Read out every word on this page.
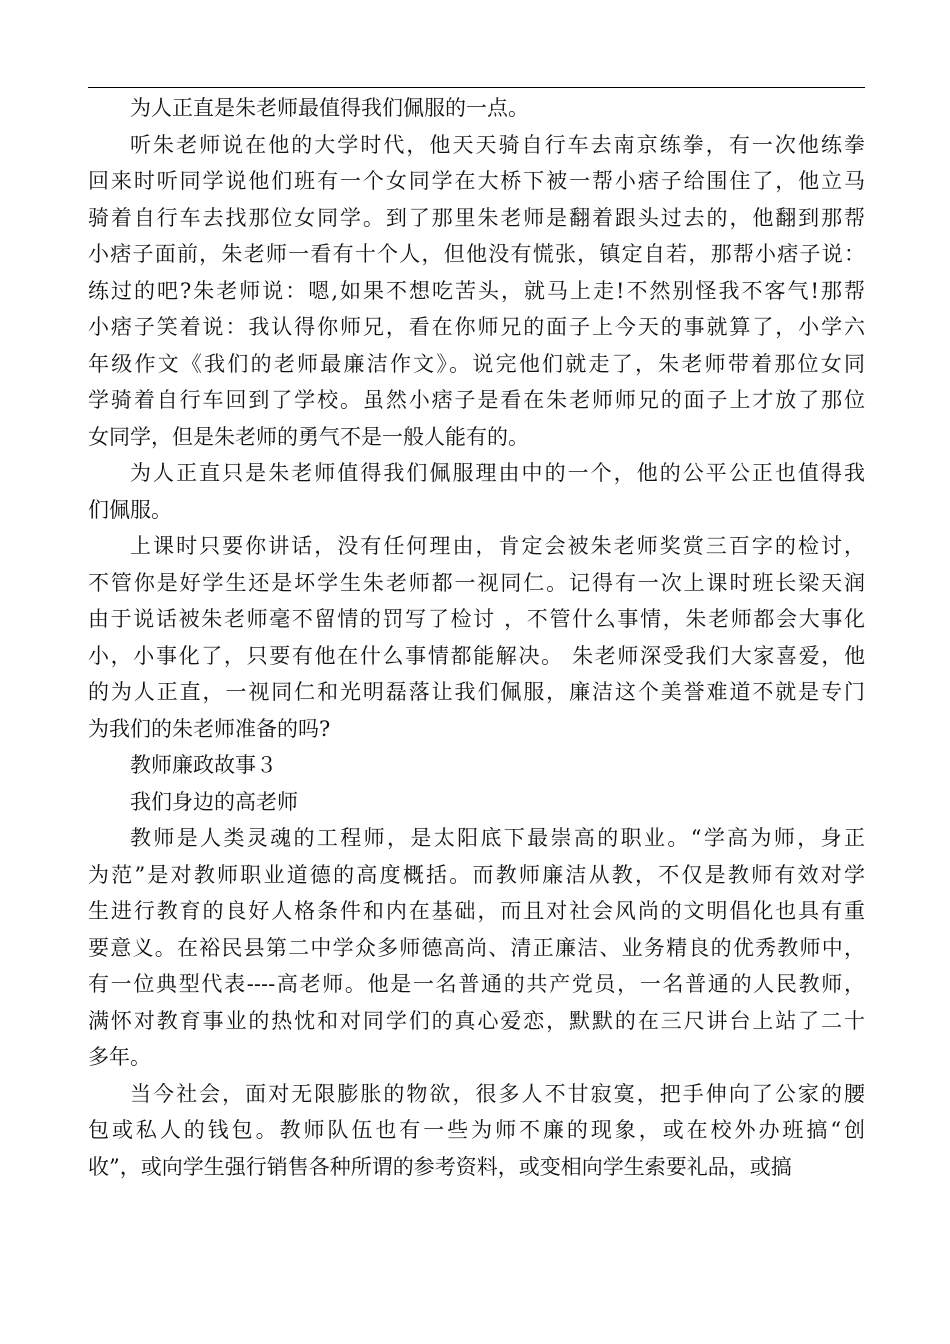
为人正直是朱老师最值得我们佩服的一点。
听朱老师说在他的大学时代，他天天骑自行车去南京练拳，有一次他练拳
回来时听同学说他们班有一个女同学在大桥下被一帮小痞子给围住了，他立马
骑着自行车去找那位女同学。到了那里朱老师是翻着跟头过去的，他翻到那帮
小痞子面前，朱老师一看有十个人，但他没有慌张，镇定自若，那帮小痞子说：
练过的吧?朱老师说：嗯,如果不想吃苦头，就马上走!不然别怪我不客气!那帮
小痞子笑着说：我认得你师兄，看在你师兄的面子上今天的事就算了，小学六
年级作文《我们的老师最廉洁作文》。说完他们就走了，朱老师带着那位女同
学骑着自行车回到了学校。虽然小痞子是看在朱老师师兄的面子上才放了那位
女同学，但是朱老师的勇气不是一般人能有的。
为人正直只是朱老师值得我们佩服理由中的一个，他的公平公正也值得我
们佩服。
上课时只要你讲话，没有任何理由，肯定会被朱老师奖赏三百字的检讨，
不管你是好学生还是坏学生朱老师都一视同仁。记得有一次上课时班长梁天润
由于说话被朱老师毫不留情的罚写了检讨 ，不管什么事情，朱老师都会大事化
小，小事化了，只要有他在什么事情都能解决。 朱老师深受我们大家喜爱，他
的为人正直，一视同仁和光明磊落让我们佩服，廉洁这个美誉难道不就是专门
为我们的朱老师准备的吗?
教师廉政故事３
我们身边的高老师
教师是人类灵魂的工程师，是太阳底下最崇高的职业。“学高为师，身正
为范”是对教师职业道德的高度概括。而教师廉洁从教，不仅是教师有效对学
生进行教育的良好人格条件和内在基础，而且对社会风尚的文明倡化也具有重
要意义。在裕民县第二中学众多师德高尚、清正廉洁、业务精良的优秀教师中，
有一位典型代表----高老师。他是一名普通的共产党员，一名普通的人民教师，
满怀对教育事业的热忱和对同学们的真心爱恋，默默的在三尺讲台上站了二十
多年。
当今社会，面对无限膨胀的物欲，很多人不甘寂寞，把手伸向了公家的腰
包或私人的钱包。教师队伍也有一些为师不廉的现象，或在校外办班搞“创
收”，或向学生强行销售各种所谓的参考资料，或变相向学生索要礼品，或搞
